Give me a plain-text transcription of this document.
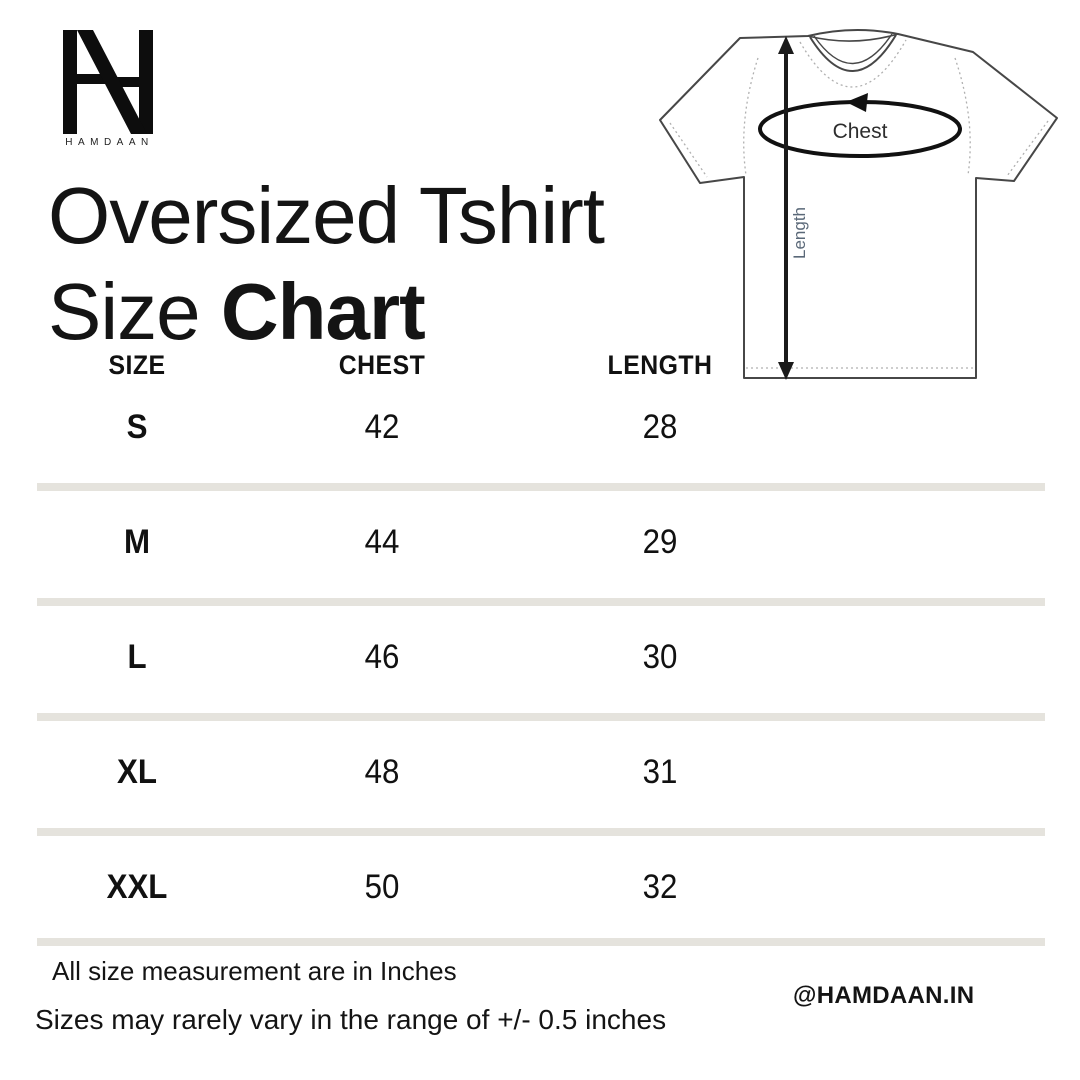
HAMDAAN
Oversized Tshirt
Size Chart
Chest
Length
SIZE	CHEST	LENGTH
S	42	28
M	44	29
L	46	30
XL	48	31
XXL	50	32
All size measurement are in Inches
Sizes may rarely vary in the range of +/- 0.5 inches
@HAMDAAN.IN
